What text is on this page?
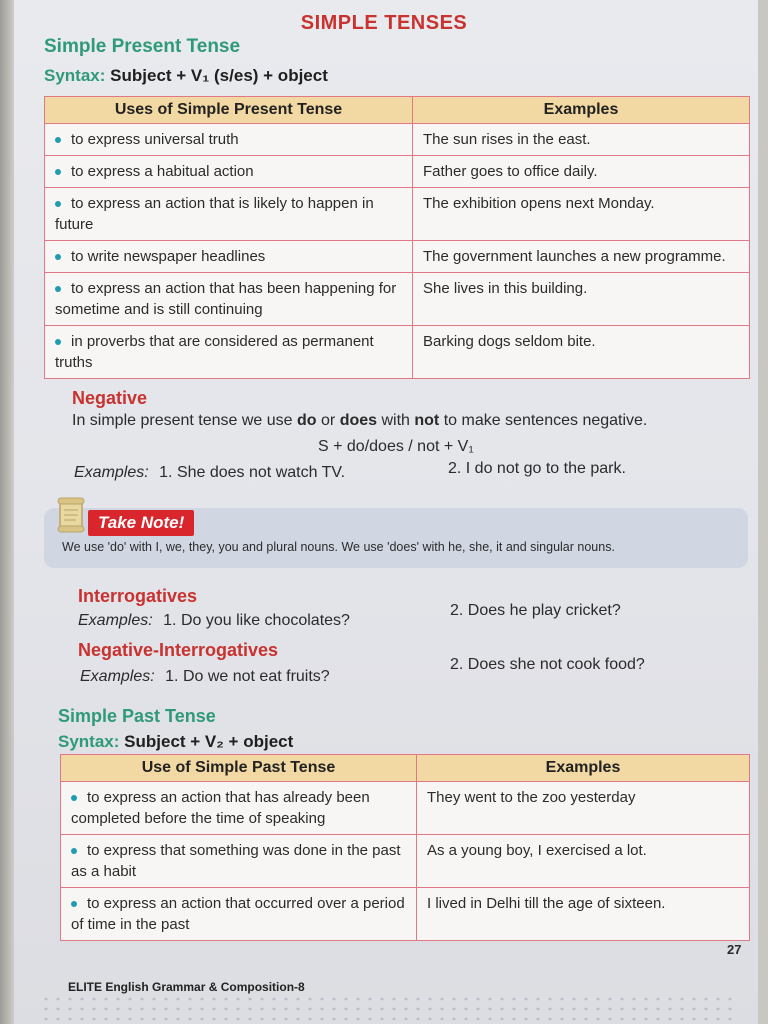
SIMPLE TENSES
Simple Present Tense
Syntax: Subject + V₁ (s/es) + object
Uses of Simple Present Tense	Examples
to express universal truth	The sun rises in the east.
to express a habitual action	Father goes to office daily.
to express an action that is likely to happen in future	The exhibition opens next Monday.
to write newspaper headlines	The government launches a new programme.
to express an action that has been happening for sometime and is still continuing	She lives in this building.
in proverbs that are considered as permanent truths	Barking dogs seldom bite.
Negative
In simple present tense we use do or does with not to make sentences negative.
S + do/does / not + V₁
Examples: 1. She does not watch TV.	2. I do not go to the park.
Take Note!
We use 'do' with I, we, they, you and plural nouns. We use 'does' with he, she, it and singular nouns.
Interrogatives
Examples: 1. Do you like chocolates?
2. Does he play cricket?
Negative-Interrogatives
Examples: 1. Do we not eat fruits?
2. Does she not cook food?
Simple Past Tense
Syntax: Subject + V₂ + object
Use of Simple Past Tense	Examples
to express an action that has already been completed before the time of speaking	They went to the zoo yesterday
to express that something was done in the past as a habit	As a young boy, I exercised a lot.
to express an action that occurred over a period of time in the past	I lived in Delhi till the age of sixteen.
27
ELITE English Grammar & Composition-8
